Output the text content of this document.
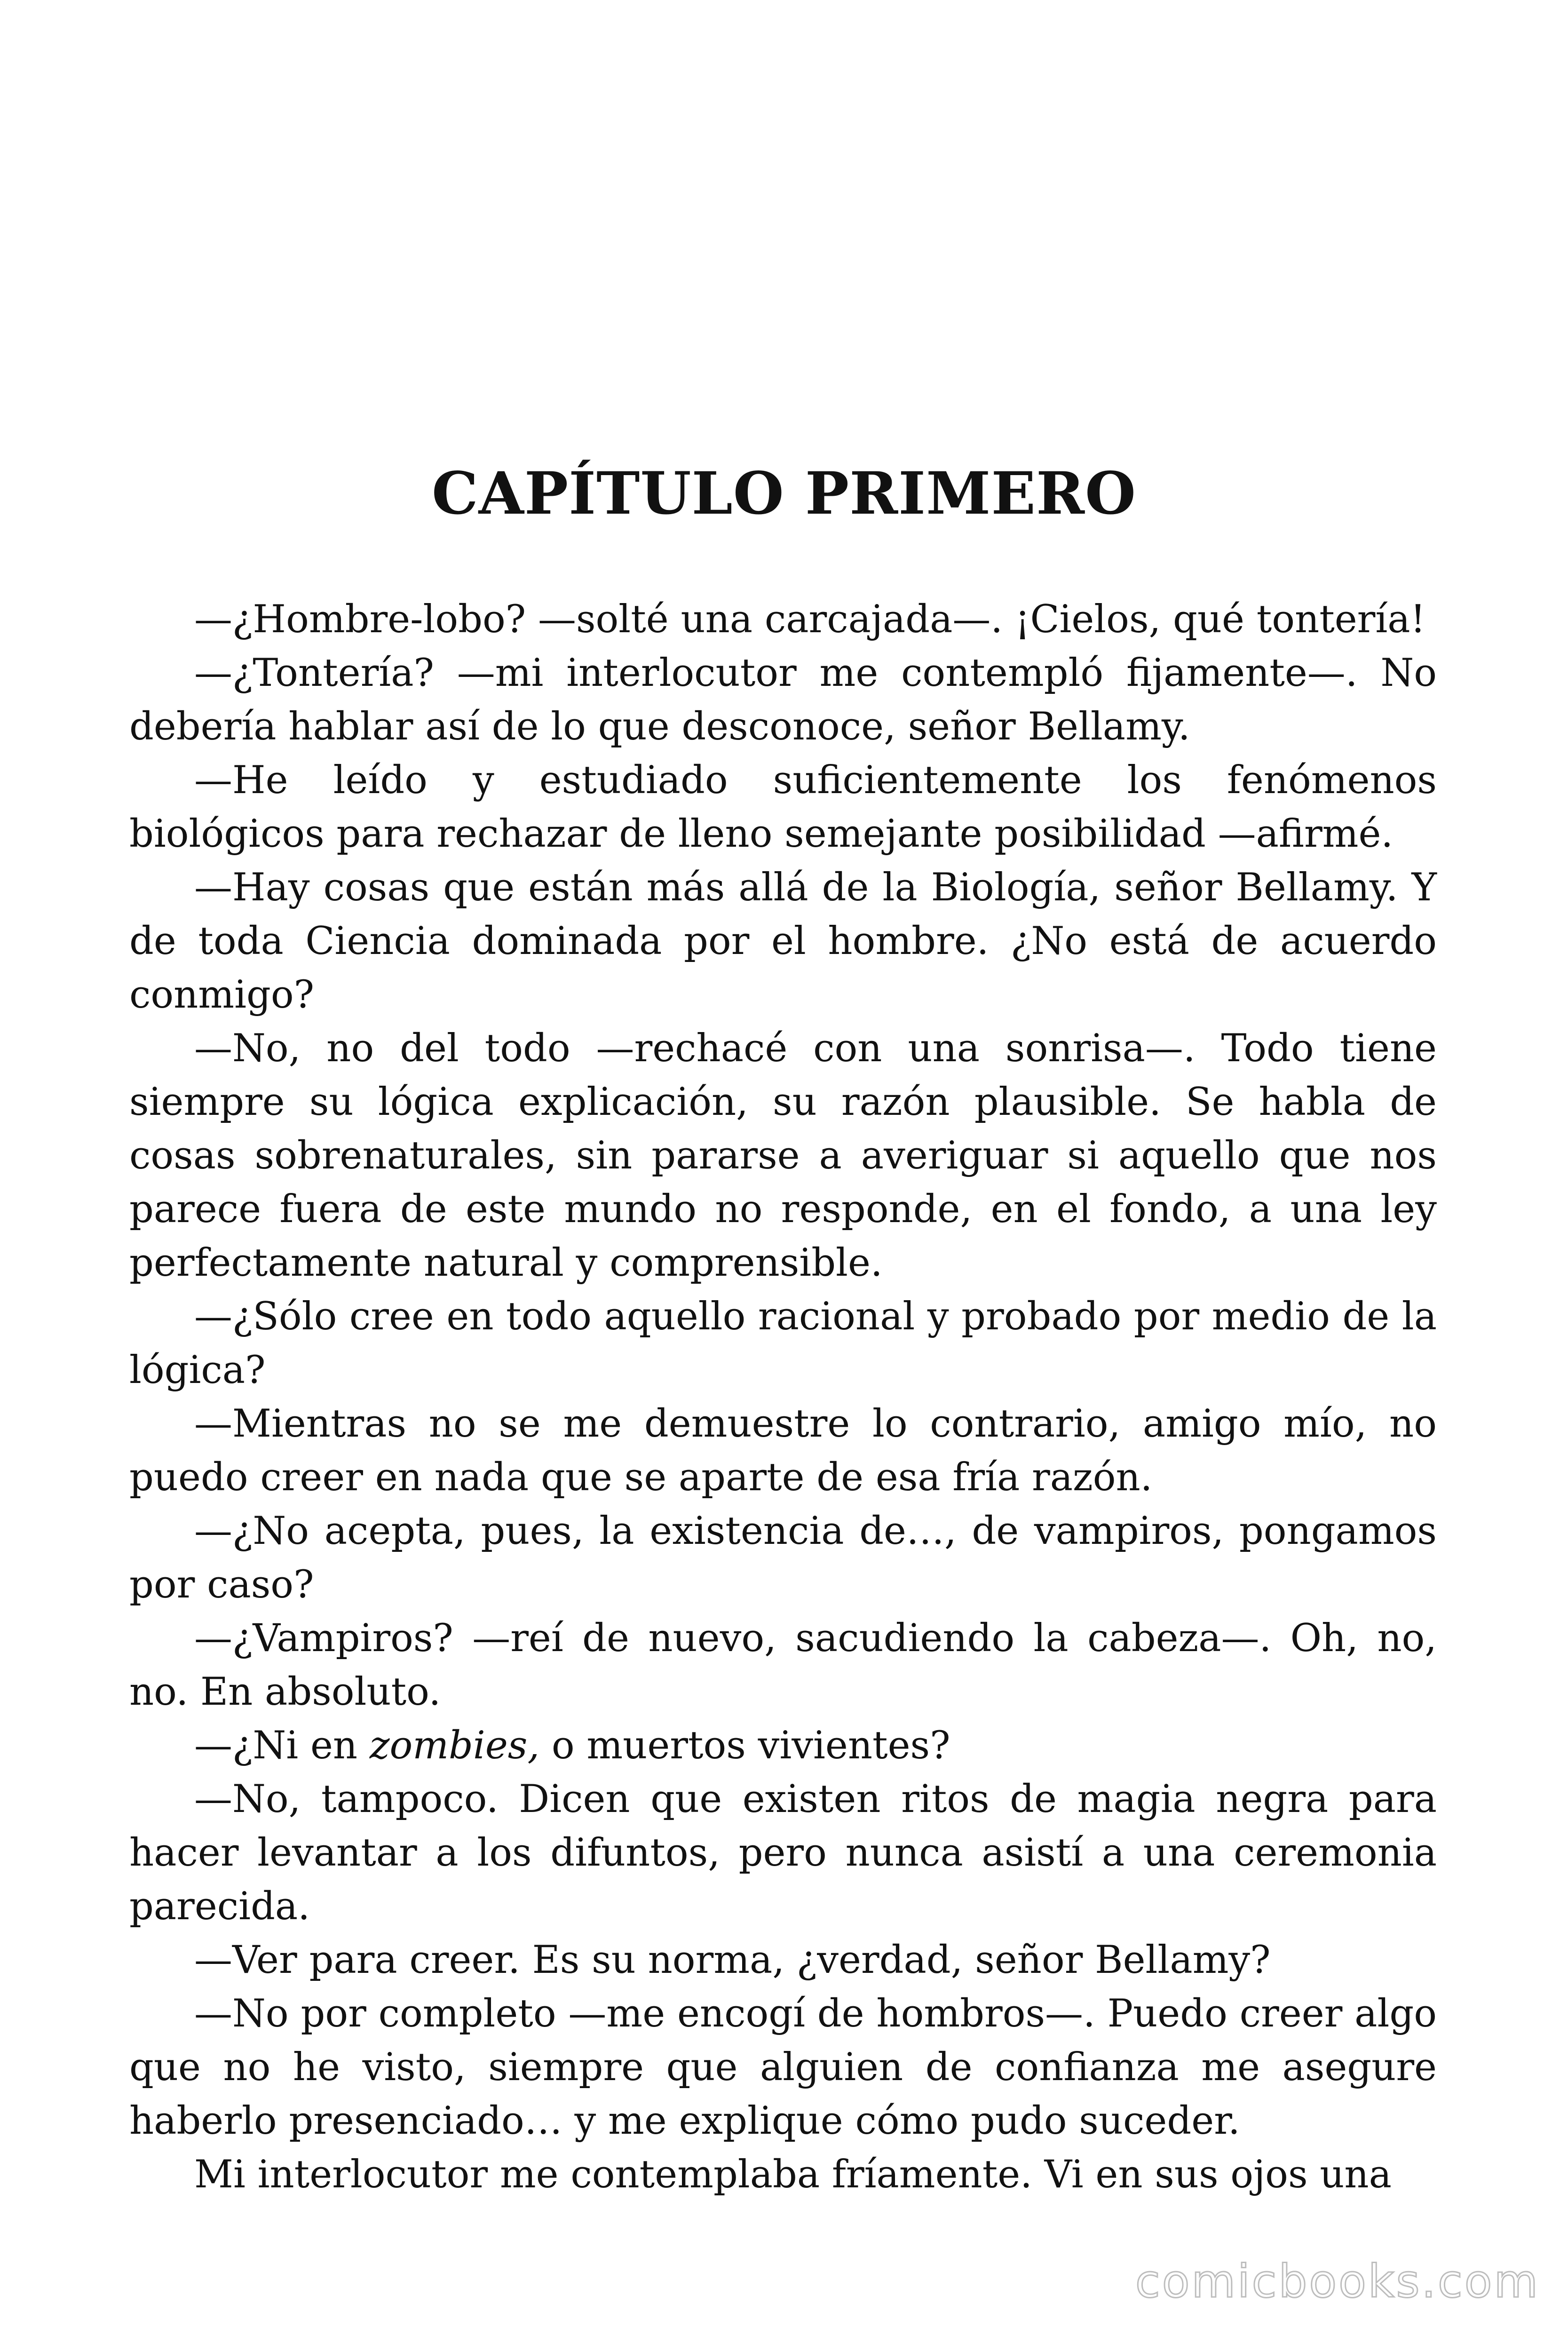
CAPÍTULO PRIMERO

—¿Hombre-lobo? —solté una carcajada—. ¡Cielos, qué tontería!

—¿Tontería? —mi interlocutor me contempló fijamente—. No debería hablar así de lo que desconoce, señor Bellamy.

—He leído y estudiado suficientemente los fenómenos biológicos para rechazar de lleno semejante posibilidad —afirmé.

—Hay cosas que están más allá de la Biología, señor Bellamy. Y de toda Ciencia dominada por el hombre. ¿No está de acuerdo conmigo?

—No, no del todo —rechacé con una sonrisa—. Todo tiene siempre su lógica explicación, su razón plausible. Se habla de cosas sobrenaturales, sin pararse a averiguar si aquello que nos parece fuera de este mundo no responde, en el fondo, a una ley perfectamente natural y comprensible.

—¿Sólo cree en todo aquello racional y probado por medio de la lógica?

—Mientras no se me demuestre lo contrario, amigo mío, no puedo creer en nada que se aparte de esa fría razón.

—¿No acepta, pues, la existencia de…, de vampiros, pongamos por caso?

—¿Vampiros? —reí de nuevo, sacudiendo la cabeza—. Oh, no, no. En absoluto.

—¿Ni en zombies, o muertos vivientes?

—No, tampoco. Dicen que existen ritos de magia negra para hacer levantar a los difuntos, pero nunca asistí a una ceremonia parecida.

—Ver para creer. Es su norma, ¿verdad, señor Bellamy?

—No por completo —me encogí de hombros—. Puedo creer algo que no he visto, siempre que alguien de confianza me asegure haberlo presenciado… y me explique cómo pudo suceder.

Mi interlocutor me contemplaba fríamente. Vi en sus ojos una

comicbooks.com
